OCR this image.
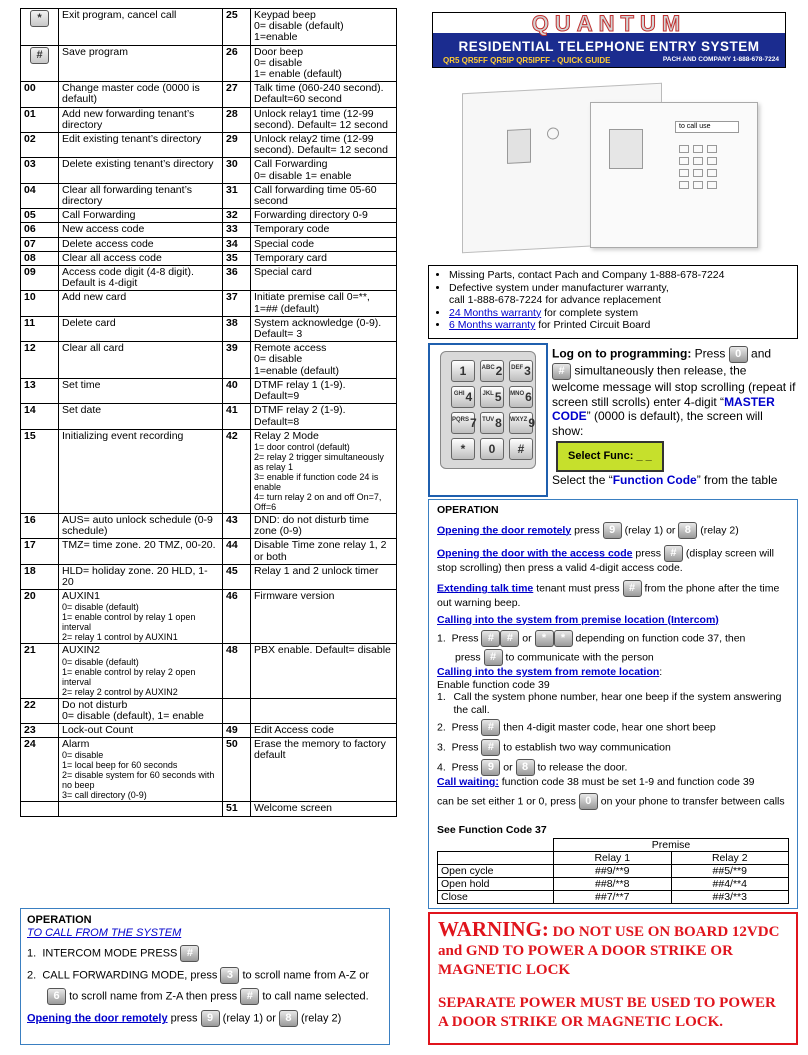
*	Exit program, cancel call	25	Keypad beep
0= disable (default)
1=enable

#	Save program	26	Door beep
0= disable
1= enable (default)

00	Change master code (0000 is default)	27	Talk time (060-240 second). Default=60 second

01	Add new forwarding tenant’s directory	28	Unlock relay1 time (12-99 second). Default= 12 second

02	Edit existing tenant’s directory	29	Unlock relay2 time (12-99 second). Default= 12 second

03	Delete existing tenant’s directory	30	Call Forwarding
0= disable 1= enable

04	Clear all forwarding tenant’s directory	31	Call forwarding time 05-60 second

05	Call Forwarding	32	Forwarding directory 0-9

06	New access code	33	Temporary code

07	Delete access code	34	Special code

08	Clear all access code	35	Temporary card

09	Access code digit (4-8 digit). Default is 4-digit	36	Special card

10	Add new card	37	Initiate premise call 0=**, 1=## (default)

11	Delete card	38	System acknowledge (0-9). Default= 3

12	Clear all card	39	Remote access
0= disable
1=enable (default)

13	Set time	40	DTMF relay 1 (1-9). Default=9

14	Set date	41	DTMF relay 2 (1-9). Default=8

15	Initializing event recording	42	Relay 2 Mode
1= door control (default)
2= relay 2 trigger simultaneously as relay 1
3= enable if function code 24 is enable
4= turn relay 2 on and off On=7, Off=6

16	AUS= auto unlock schedule (0-9 schedule)	43	DND: do not disturb time zone (0-9)

17	TMZ= time zone. 20 TMZ, 00-20.	44	Disable Time zone relay 1, 2 or both

18	HLD= holiday zone. 20 HLD, 1-20	45	Relay 1 and 2 unlock timer

20	AUXIN1
0= disable (default)
1= enable control by relay 1 open interval
2= relay 1 control by AUXIN1	46	Firmware version

21	AUXIN2
0= disable (default)
1= enable control by relay 2 open interval
2= relay 2 control by AUXIN2	48	PBX enable. Default= disable

22	Do not disturb
0= disable (default), 1= enable		

23	Lock-out Count	49	Edit Access code

24	Alarm
0= disable
1= local beep for 60 seconds
2= disable system for 60 seconds with no beep
3= call directory (0-9)	50	Erase the memory to factory default

		51	Welcome screen
QUANTUM
RESIDENTIAL TELEPHONE ENTRY SYSTEM
QR5 QR5FF QR5IP QR5IPFF - QUICK GUIDE	PACH AND COMPANY 1-888-678-7224
to call use
• Missing Parts, contact Pach and Company 1-888-678-7224
• Defective system under manufacturer warranty,
call 1-888-678-7224 for advance replacement
• 24 Months warranty for complete system
• 6 Months warranty for Printed Circuit Board
1	$^{ABC}$2	$^{DEF}$3
$^{GHI}$4	$^{JKL}$5	$^{MNO}$6
$^{PQRS}$7 $^{TUV}$8	$^{WXYZ}$9
*	0	#
Log on to programming: Press 0 and
# simultaneously then release, the welcome message will stop scrolling (repeat if screen still scrolls) enter 4-digit “MASTER CODE” (0000 is default), the screen will show:
Select Func: _ _
Select the “Function Code” from the table
OPERATION
Opening the door remotely press 9 (relay 1) or 8 (relay 2)
Opening the door with the access code press # (display screen will stop scrolling) then press a valid 4-digit access code.
Extending talk time tenant must press # from the phone after the time out warning beep.
Calling into the system from premise location (Intercom)
1. Press # # or * * depending on function code 37, then
press # to communicate with the person
Calling into the system from remote location:
Enable function code 39
1. Call the system phone number, hear one beep if the system answering the call.
2. Press # then 4-digit master code, hear one short beep
3. Press # to establish two way communication
4. Press 9 or 8 to release the door.
Call waiting: function code 38 must be set 1-9 and function code 39
can be set either 1 or 0, press 0 on your phone to transfer between calls
See Function Code 37
	Premise	
	Relay 1	Relay 2
Open cycle	##9/**9	##5/**9
Open hold	##8/**8	##4/**4
Close	##7/**7	##3/**3
OPERATION
TO CALL FROM THE SYSTEM
1. INTERCOM MODE PRESS #
2. CALL FORWARDING MODE, press 3 to scroll name from A-Z or
6 to scroll name from Z-A then press # to call name selected.
Opening the door remotely press 9 (relay 1) or 8 (relay 2)
WARNING: DO NOT USE ON BOARD 12VDC and GND TO POWER A DOOR STRIKE OR MAGNETIC LOCK
SEPARATE POWER MUST BE USED TO POWER A DOOR STRIKE OR MAGNETIC LOCK.
